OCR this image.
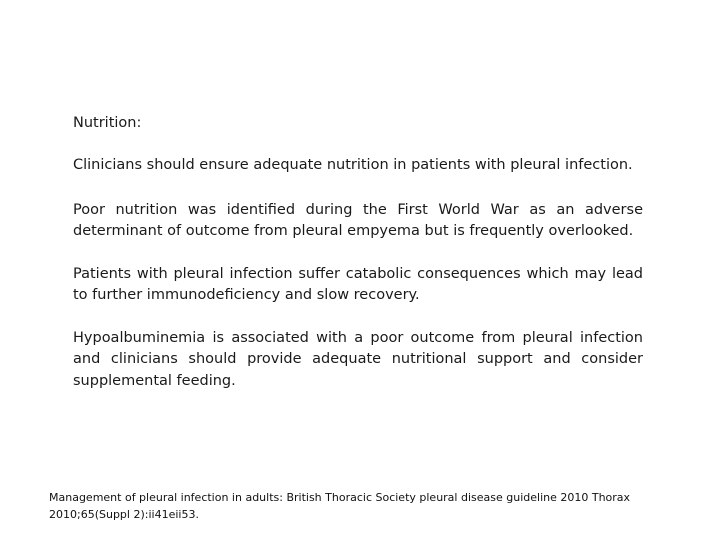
Nutrition:

Clinicians should ensure adequate nutrition in patients with pleural infection.

Poor nutrition was identified during the First World War as an adverse determinant of outcome from pleural empyema but is frequently overlooked.

Patients with pleural infection suffer catabolic consequences which may lead to further immunodeficiency and slow recovery.

Hypoalbuminemia is associated with a poor outcome from pleural infection and clinicians should provide adequate nutritional support and consider supplemental feeding.

Management of pleural infection in adults: British Thoracic Society pleural disease guideline 2010 Thorax
2010;65(Suppl 2):ii41eii53.
